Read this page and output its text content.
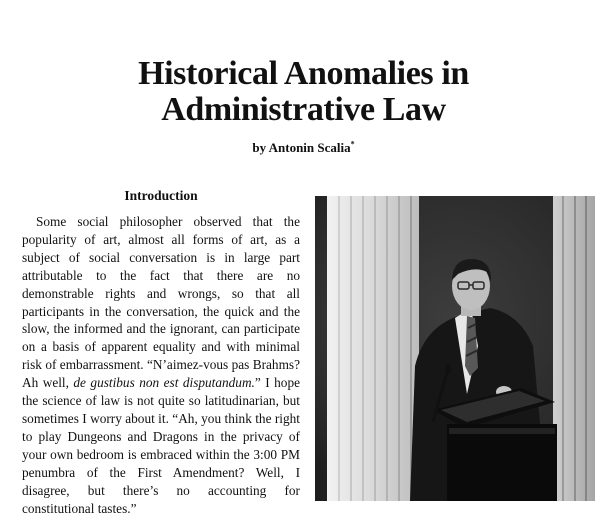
Historical Anomalies in
Administrative Law
by Antonin Scalia*
Introduction

Some social philosopher observed that the popularity of art, almost all forms of art, as a subject of social conversation is in large part attributable to the fact that there are no demonstrable rights and wrongs, so that all participants in the conversation, the quick and the slow, the informed and the ignorant, can participate on a basis of apparent equality and with minimal risk of embarrassment. “N’aimez-vous pas Brahms? Ah well, de gustibus non est disputandum.” I hope the science of law is not quite so latitudinarian, but sometimes I worry about it. “Ah, you think the right to play Dungeons and Dragons in the privacy of your own bedroom is embraced within the 3:00 PM penumbra of the First Amendment? Well, I disagree, but there’s no accounting for constitutional tastes.”
